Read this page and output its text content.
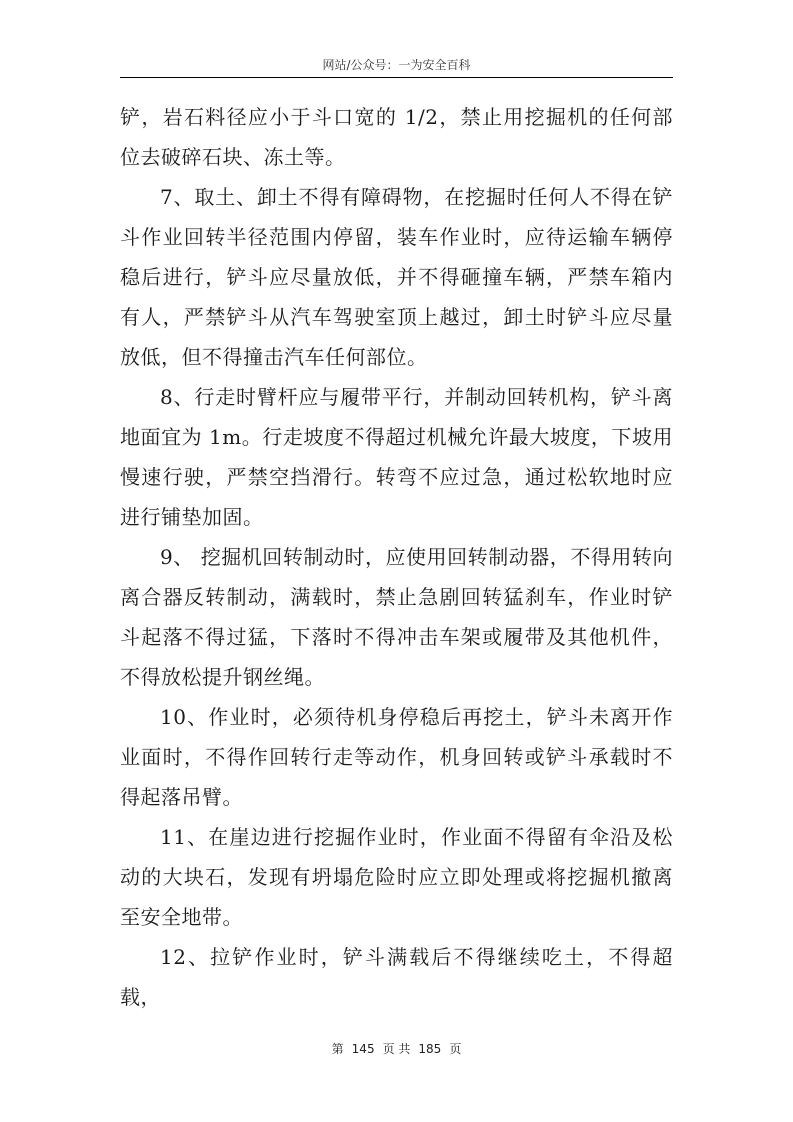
网站/公众号：一为安全百科

铲，岩石料径应小于斗口宽的 1/2，禁止用挖掘机的任何部位去破碎石块、冻土等。

7、取土、卸土不得有障碍物，在挖掘时任何人不得在铲斗作业回转半径范围内停留，装车作业时，应待运输车辆停稳后进行，铲斗应尽量放低，并不得砸撞车辆，严禁车箱内有人，严禁铲斗从汽车驾驶室顶上越过，卸土时铲斗应尽量放低，但不得撞击汽车任何部位。

8、行走时臂杆应与履带平行，并制动回转机构，铲斗离地面宜为 1m。行走坡度不得超过机械允许最大坡度，下坡用慢速行驶，严禁空挡滑行。转弯不应过急，通过松软地时应进行铺垫加固。

9、 挖掘机回转制动时，应使用回转制动器，不得用转向离合器反转制动，满载时，禁止急剧回转猛刹车，作业时铲斗起落不得过猛，下落时不得冲击车架或履带及其他机件，不得放松提升钢丝绳。

10、作业时，必须待机身停稳后再挖土，铲斗未离开作业面时，不得作回转行走等动作，机身回转或铲斗承载时不得起落吊臂。

11、在崖边进行挖掘作业时，作业面不得留有伞沿及松动的大块石，发现有坍塌危险时应立即处理或将挖掘机撤离至安全地带。

12、拉铲作业时，铲斗满载后不得继续吃土，不得超载，

第 145 页 共 185 页
